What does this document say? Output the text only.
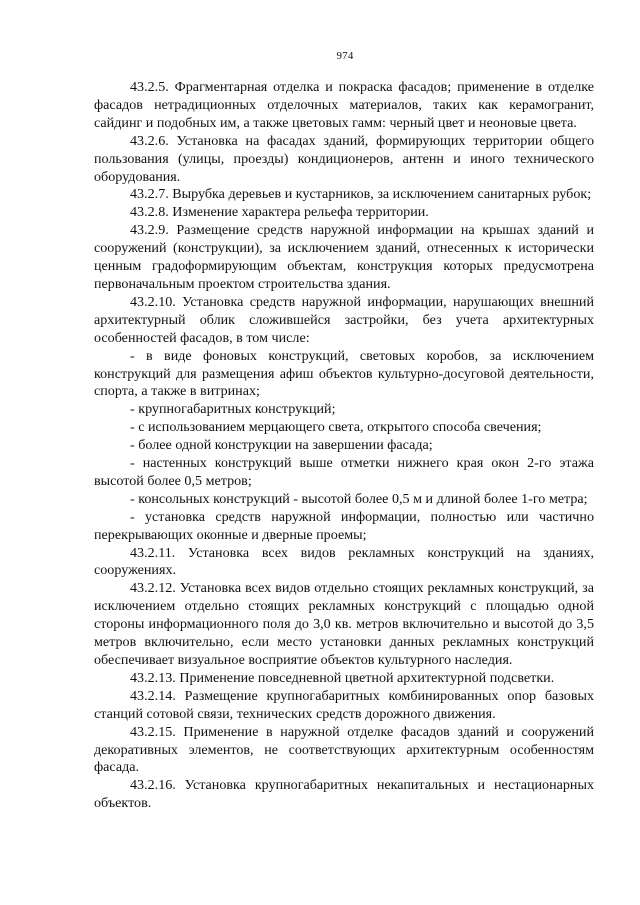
974

43.2.5. Фрагментарная отделка и покраска фасадов; применение в отделке фасадов нетрадиционных отделочных материалов, таких как керамогранит, сайдинг и подобных им, а также цветовых гамм: черный цвет и неоновые цвета.

43.2.6. Установка на фасадах зданий, формирующих территории общего пользования (улицы, проезды) кондиционеров, антенн и иного технического оборудования.

43.2.7. Вырубка деревьев и кустарников, за исключением санитарных рубок;

43.2.8. Изменение характера рельефа территории.

43.2.9. Размещение средств наружной информации на крышах зданий и сооружений (конструкции), за исключением зданий, отнесенных к исторически ценным градоформирующим объектам, конструкция которых предусмотрена первоначальным проектом строительства здания.

43.2.10. Установка средств наружной информации, нарушающих внешний архитектурный облик сложившейся застройки, без учета архитектурных особенностей фасадов, в том числе:

- в виде фоновых конструкций, световых коробов, за исключением конструкций для размещения афиш объектов культурно-досуговой деятельности, спорта, а также в витринах;

- крупногабаритных конструкций;

- с использованием мерцающего света, открытого способа свечения;

- более одной конструкции на завершении фасада;

- настенных конструкций выше отметки нижнего края окон 2-го этажа высотой более 0,5 метров;

- консольных конструкций - высотой более 0,5 м и длиной более 1-го метра;

- установка средств наружной информации, полностью или частично перекрывающих оконные и дверные проемы;

43.2.11. Установка всех видов рекламных конструкций на зданиях, сооружениях.

43.2.12. Установка всех видов отдельно стоящих рекламных конструкций, за исключением отдельно стоящих рекламных конструкций с площадью одной стороны информационного поля до 3,0 кв. метров включительно и высотой до 3,5 метров включительно, если место установки данных рекламных конструкций обеспечивает визуальное восприятие объектов культурного наследия.

43.2.13. Применение повседневной цветной архитектурной подсветки.

43.2.14. Размещение крупногабаритных комбинированных опор базовых станций сотовой связи, технических средств дорожного движения.

43.2.15. Применение в наружной отделке фасадов зданий и сооружений декоративных элементов, не соответствующих архитектурным особенностям фасада.

43.2.16. Установка крупногабаритных некапитальных и нестационарных объектов.
